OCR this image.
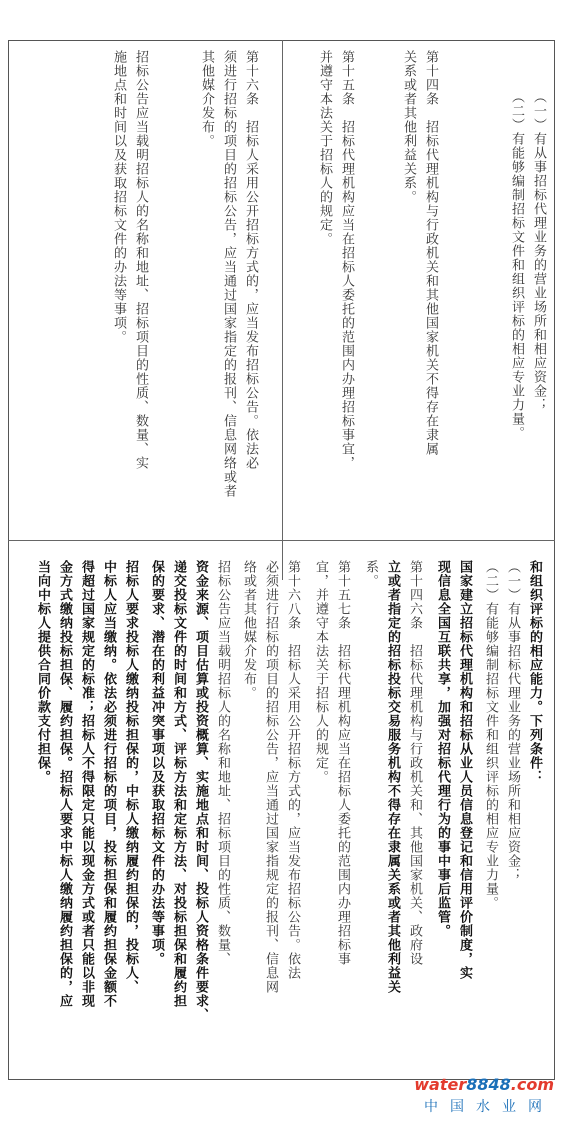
（一）有从事招标代理业务的营业场所和相应资金；
（二）有能够编制招标文件和组织评标的相应专业力量。
第十四条　招标代理机构与行政机关和其他国家机关不得存在隶属
关系或者其他利益关系。
第十五条　招标代理机构应当在招标人委托的范围内办理招标事宜，
并遵守本法关于招标人的规定。
第十六条　招标人采用公开招标方式的，应当发布招标公告。依法必
须进行招标的项目的招标公告，应当通过国家指定的报刊、信息网络或者
其他媒介发布。
招标公告应当载明招标人的名称和地址、招标项目的性质、数量、实
施地点和时间以及获取招标文件的办法等事项。
和组织评标的相应能力。下列条件：
（一）有从事招标代理业务的营业场所和相应资金；
（二）有能够编制招标文件和组织评标的相应专业力量。
国家建立招标代理机构和招标从业人员信息登记和信用评价制度，实
现信息全国互联共享，加强对招标代理行为的事中事后监管。
第十四六条　招标代理机构与行政机关和、其他国家机关、政府设
立或者指定的招标投标交易服务机构不得存在隶属关系或者其他利益关
系。
第十五七条　招标代理机构应当在招标人委托的范围内办理招标事
宜，并遵守本法关于招标人的规定。
第十六八条　招标人采用公开招标方式的，应当发布招标公告。依法
必须进行招标的项目的招标公告，应当通过国家指规定的报刊、信息网
络或者其他媒介发布。
招标公告应当载明招标人的名称和地址、招标项目的性质、数量、
资金来源、项目估算或投资概算、实施地点和时间、投标人资格条件要求、
递交投标文件的时间和方式、评标方法和定标方法、对投标担保和履约担
保的要求、潜在的利益冲突事项以及获取招标文件的办法等事项。
招标人要求投标人缴纳投标担保的，中标人缴纳履约担保的，投标人、
中标人应当缴纳。依法必须进行招标的项目，投标担保和履约担保金额不
得超过国家规定的标准；招标人不得限定只能以现金方式或者只能以非现
金方式缴纳投标担保、履约担保。招标人要求中标人缴纳履约担保的，应
当向中标人提供合同价款支付担保。
water8848.com
中国水业网
